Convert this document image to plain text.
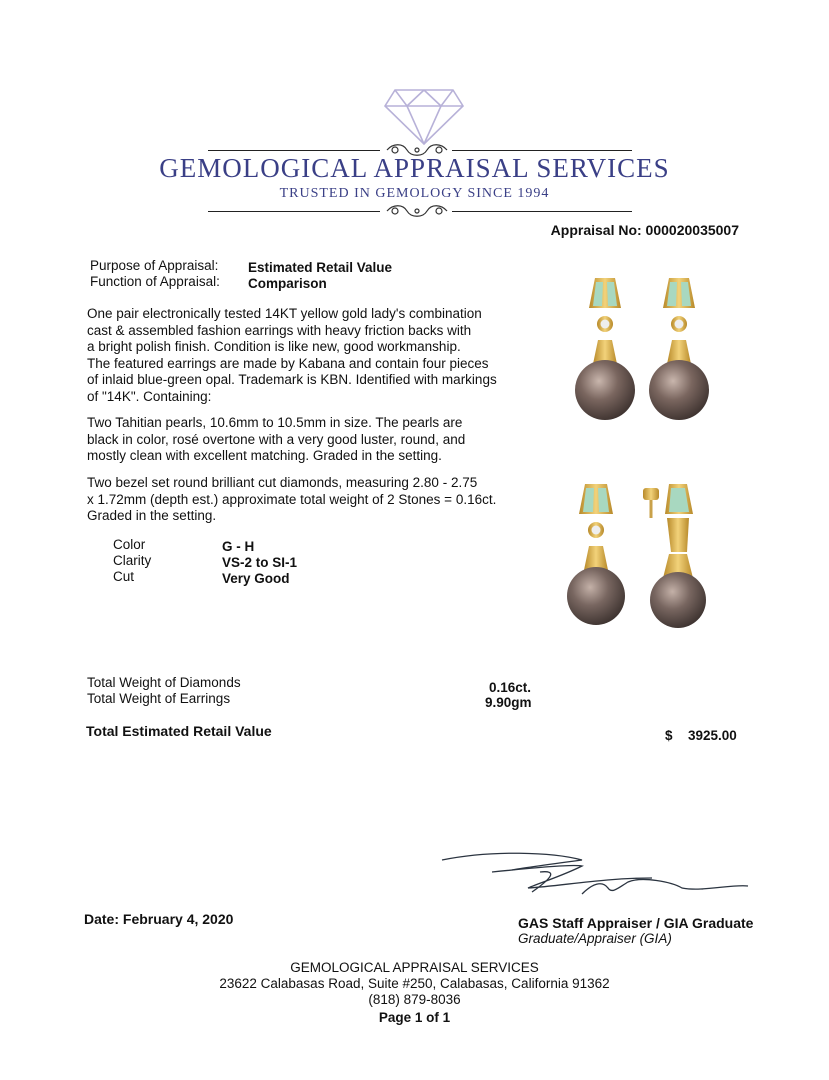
GEMOLOGICAL APPRAISAL SERVICES
TRUSTED IN GEMOLOGY SINCE 1994
Appraisal No: 000020035007
Purpose of Appraisal: Estimated Retail Value
Function of Appraisal: Comparison

One pair electronically tested 14KT yellow gold lady's combination

cast & assembled fashion earrings with heavy friction backs with

a bright polish finish. Condition is like new, good workmanship.

The featured earrings are made by Kabana and contain four pieces

of inlaid blue-green opal. Trademark is KBN. Identified with markings

of "14K". Containing:

Two Tahitian pearls, 10.6mm to 10.5mm in size. The pearls are

black in color, rosé overtone with a very good luster, round, and

mostly clean with excellent matching. Graded in the setting.

Two bezel set round brilliant cut diamonds, measuring 2.80 - 2.75

x 1.72mm (depth est.) approximate total weight of 2 Stones = 0.16ct.

Graded in the setting.

Color	G - H
Clarity	VS-2 to SI-1
Cut	Very Good
Total Weight of Diamonds	0.16ct.
Total Weight of Earrings	9.90gm
Total Estimated Retail Value	$ 3925.00
Date: February 4, 2020	GAS Staff Appraiser / GIA Graduate
Graduate/Appraiser (GIA)
GEMOLOGICAL APPRAISAL SERVICES
23622 Calabasas Road, Suite #250, Calabasas, California 91362
(818) 879-8036
Page 1 of 1
